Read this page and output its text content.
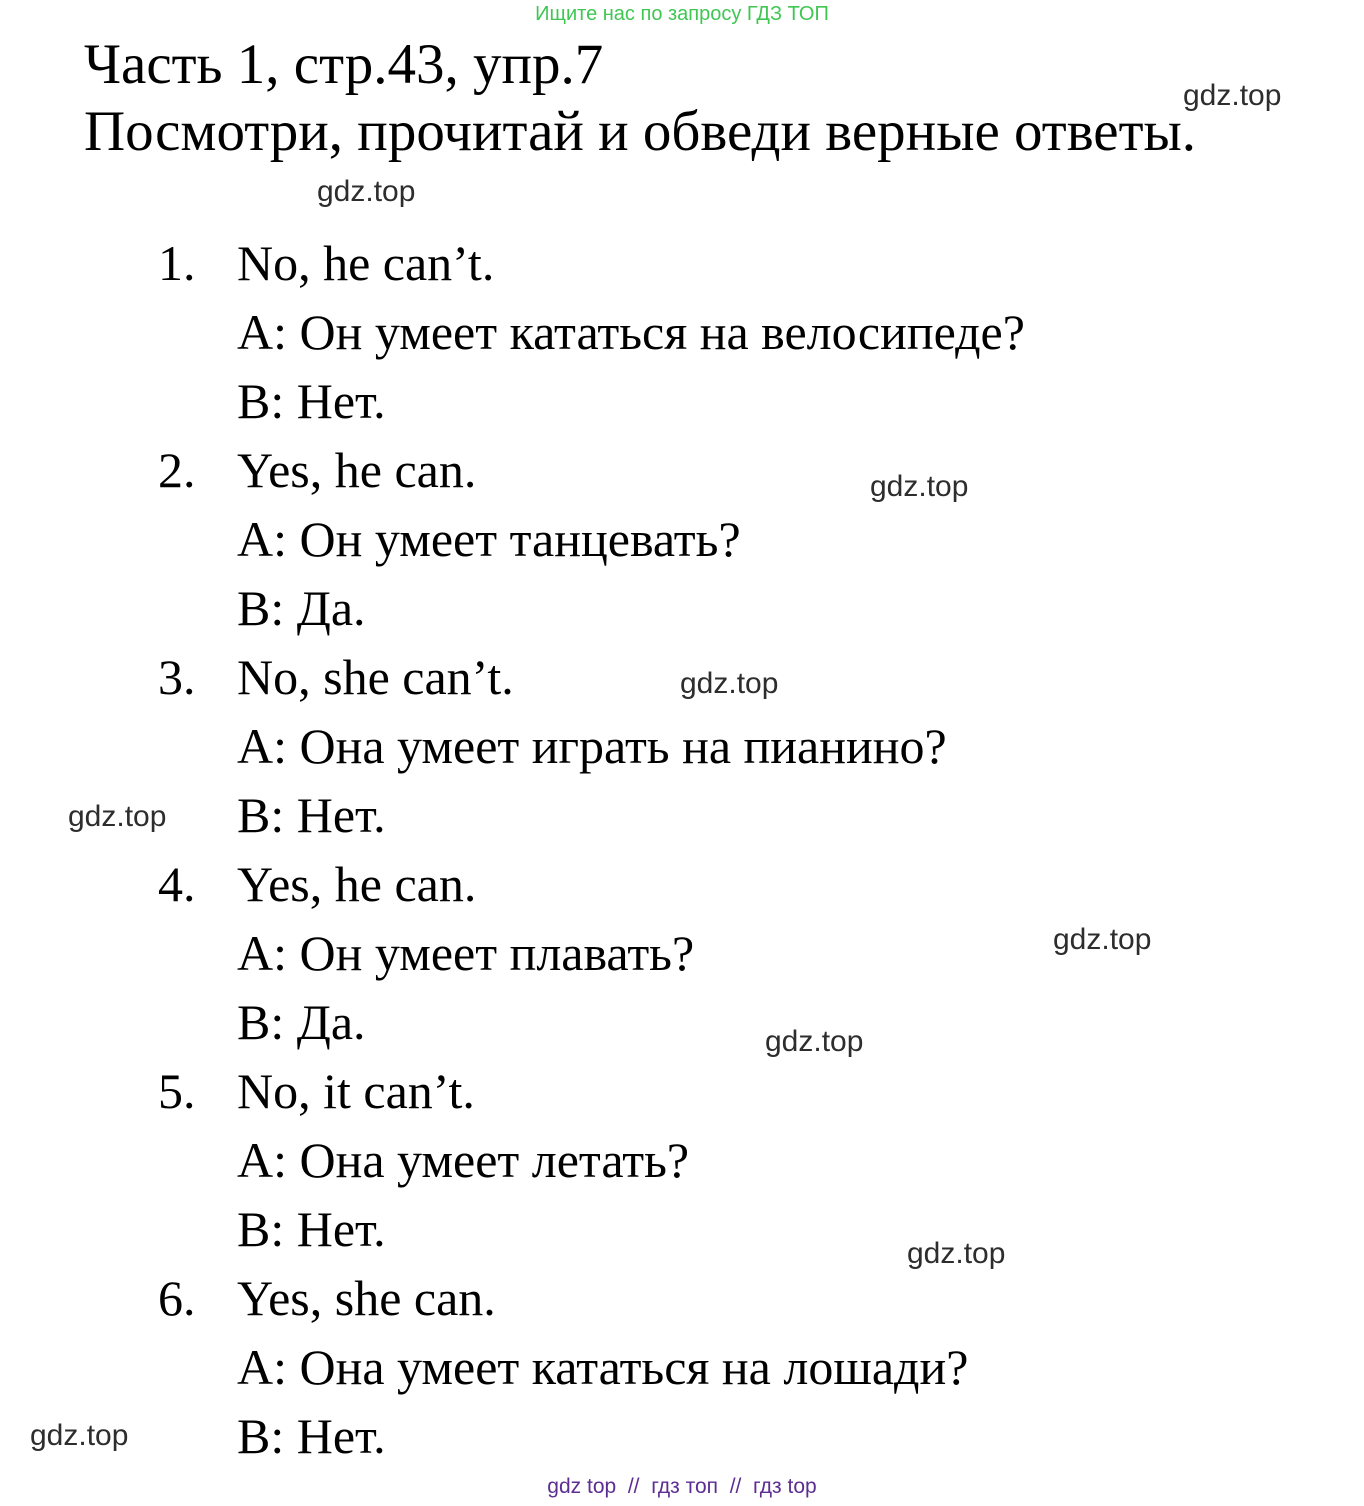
Ищите нас по запросу ГДЗ ТОП
Часть 1, стр.43, упр.7
Посмотри, прочитай и обведи верные ответы.
1. No, he can’t.
A: Он умеет кататься на велосипеде?
B: Нет.
2. Yes, he can.
A: Он умеет танцевать?
B: Да.
3. No, she can’t.
A: Она умеет играть на пианино?
B: Нет.
4. Yes, he can.
A: Он умеет плавать?
B: Да.
5. No, it can’t.
A: Она умеет летать?
B: Нет.
6. Yes, she can.
A: Она умеет кататься на лошади?
B: Нет.
gdz.top
gdz.top
gdz.top
gdz.top
gdz.top
gdz.top
gdz.top
gdz.top
gdz.top
gdz top  //  гдз топ  //  гдз top
